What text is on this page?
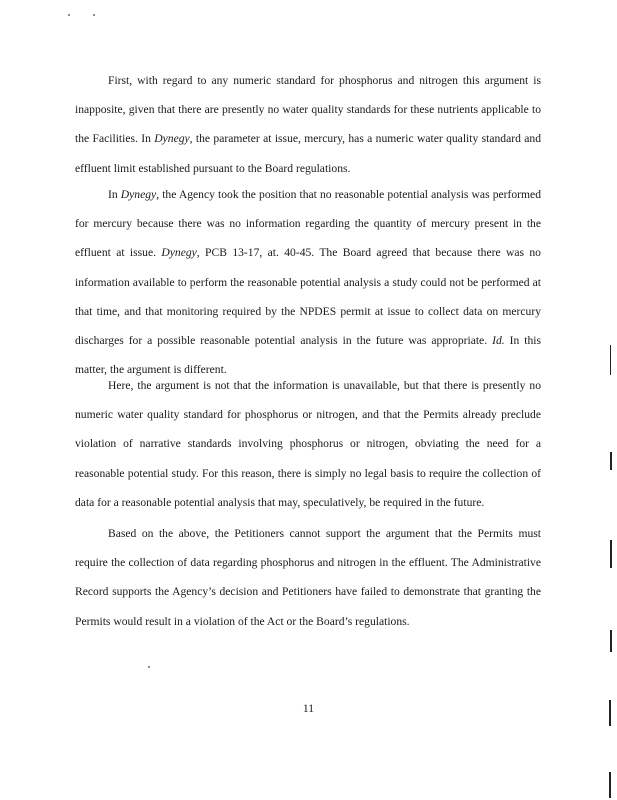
First, with regard to any numeric standard for phosphorus and nitrogen this argument is inapposite, given that there are presently no water quality standards for these nutrients applicable to the Facilities. In Dynegy, the parameter at issue, mercury, has a numeric water quality standard and effluent limit established pursuant to the Board regulations.

In Dynegy, the Agency took the position that no reasonable potential analysis was performed for mercury because there was no information regarding the quantity of mercury present in the effluent at issue. Dynegy, PCB 13-17, at. 40-45. The Board agreed that because there was no information available to perform the reasonable potential analysis a study could not be performed at that time, and that monitoring required by the NPDES permit at issue to collect data on mercury discharges for a possible reasonable potential analysis in the future was appropriate. Id. In this matter, the argument is different.

Here, the argument is not that the information is unavailable, but that there is presently no numeric water quality standard for phosphorus or nitrogen, and that the Permits already preclude violation of narrative standards involving phosphorus or nitrogen, obviating the need for a reasonable potential study. For this reason, there is simply no legal basis to require the collection of data for a reasonable potential analysis that may, speculatively, be required in the future.

Based on the above, the Petitioners cannot support the argument that the Permits must require the collection of data regarding phosphorus and nitrogen in the effluent. The Administrative Record supports the Agency’s decision and Petitioners have failed to demonstrate that granting the Permits would result in a violation of the Act or the Board’s regulations.

11
